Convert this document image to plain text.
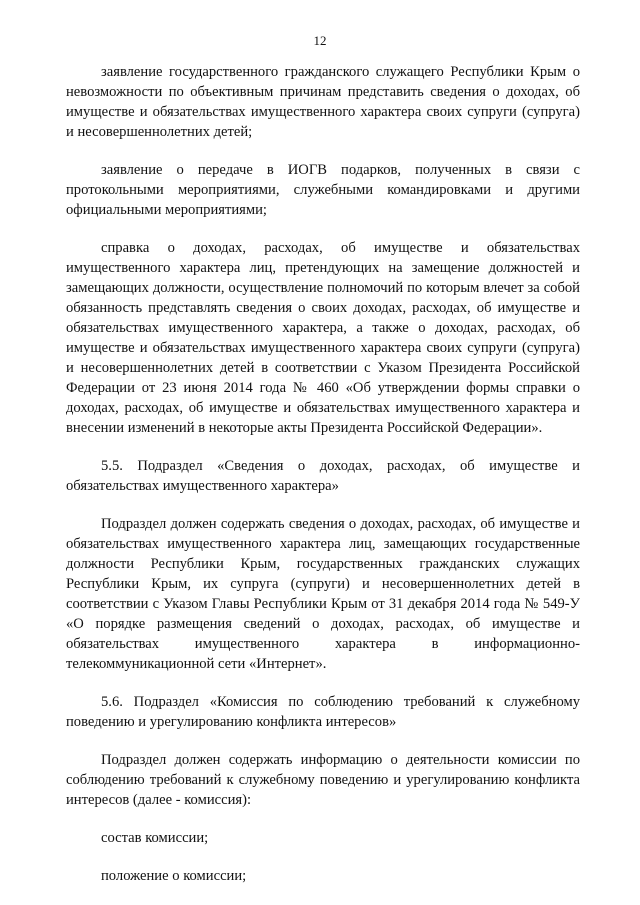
12

заявление государственного гражданского служащего Республики Крым о невозможности по объективным причинам представить сведения о доходах, об имуществе и обязательствах имущественного характера своих супруги (супруга) и несовершеннолетних детей;

заявление о передаче в ИОГВ подарков, полученных в связи с протокольными мероприятиями, служебными командировками и другими официальными мероприятиями;

справка о доходах, расходах, об имуществе и обязательствах имущественного характера лиц, претендующих на замещение должностей и замещающих должности, осуществление полномочий по которым влечет за собой обязанность представлять сведения о своих доходах, расходах, об имуществе и обязательствах имущественного характера, а также о доходах, расходах, об имуществе и обязательствах имущественного характера своих супруги (супруга) и несовершеннолетних детей в соответствии с Указом Президента Российской Федерации от 23 июня 2014 года № 460 «Об утверждении формы справки о доходах, расходах, об имуществе и обязательствах имущественного характера и внесении изменений в некоторые акты Президента Российской Федерации».

5.5. Подраздел «Сведения о доходах, расходах, об имуществе и обязательствах имущественного характера»

Подраздел должен содержать сведения о доходах, расходах, об имуществе и обязательствах имущественного характера лиц, замещающих государственные должности Республики Крым, государственных гражданских служащих Республики Крым, их супруга (супруги) и несовершеннолетних детей в соответствии с Указом Главы Республики Крым от 31 декабря 2014 года № 549-У «О порядке размещения сведений о доходах, расходах, об имуществе и обязательствах имущественного характера в информационно-телекоммуникационной сети «Интернет».

5.6. Подраздел «Комиссия по соблюдению требований к служебному поведению и урегулированию конфликта интересов»

Подраздел должен содержать информацию о деятельности комиссии по соблюдению требований к служебному поведению и урегулированию конфликта интересов (далее - комиссия):

состав комиссии;

положение о комиссии;
